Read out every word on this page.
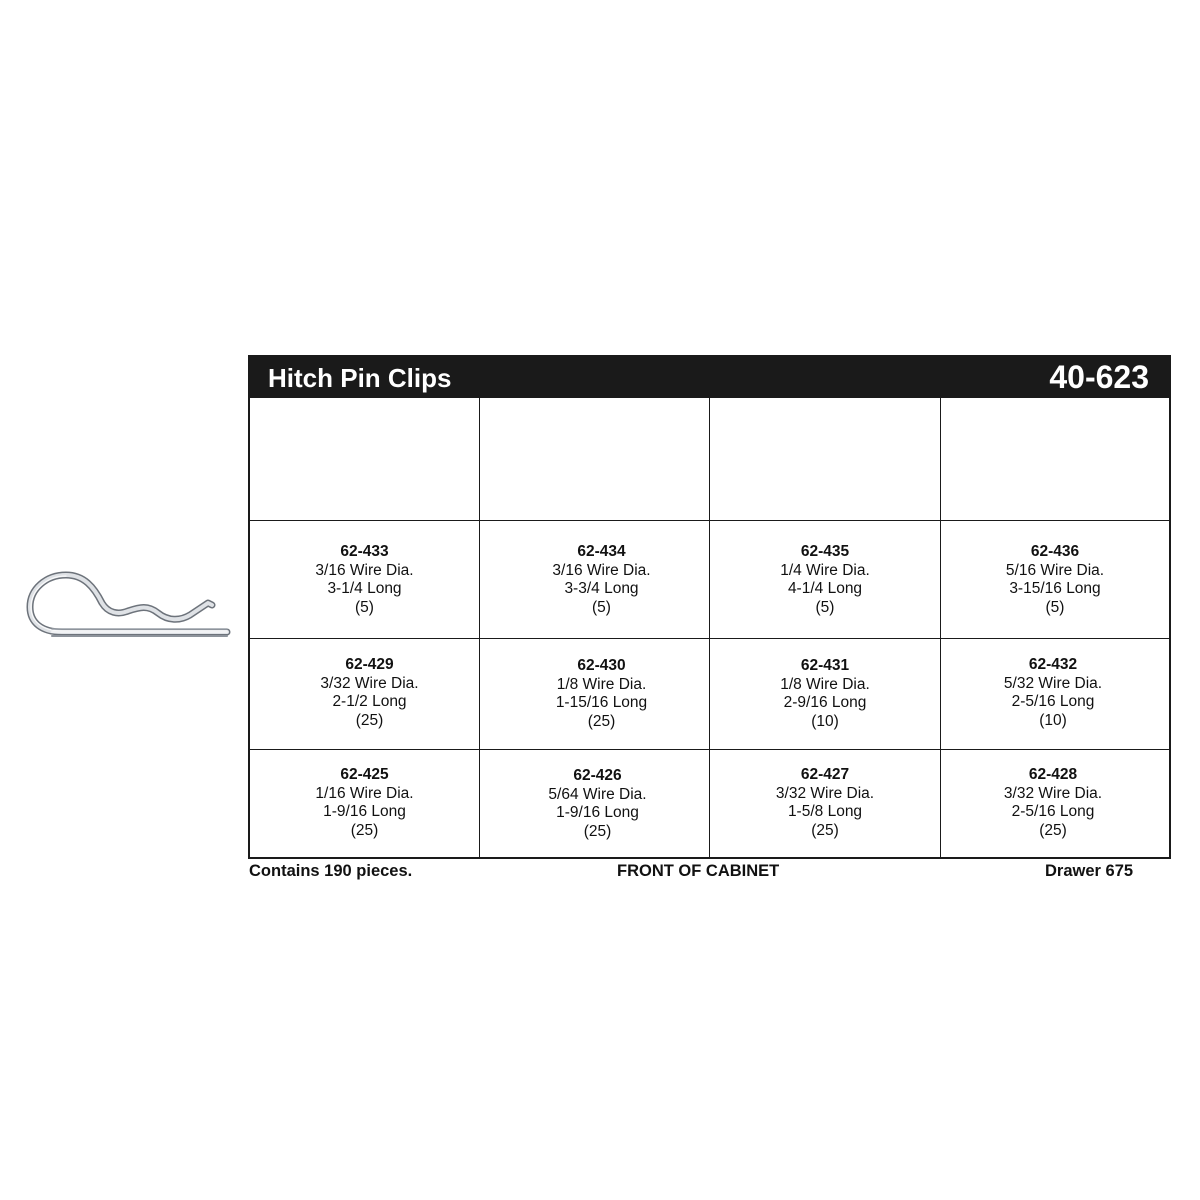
Hitch Pin Clips	40-623
62-433
3/16 Wire Dia.
3-1/4 Long
(5)
62-434
3/16 Wire Dia.
3-3/4 Long
(5)
62-435
1/4 Wire Dia.
4-1/4 Long
(5)
62-436
5/16 Wire Dia.
3-15/16 Long
(5)
62-429
3/32 Wire Dia.
2-1/2 Long
(25)
62-430
1/8 Wire Dia.
1-15/16 Long
(25)
62-431
1/8 Wire Dia.
2-9/16 Long
(10)
62-432
5/32 Wire Dia.
2-5/16 Long
(10)
62-425
1/16 Wire Dia.
1-9/16 Long
(25)
62-426
5/64 Wire Dia.
1-9/16 Long
(25)
62-427
3/32 Wire Dia.
1-5/8 Long
(25)
62-428
3/32 Wire Dia.
2-5/16 Long
(25)
Contains 190 pieces.	FRONT OF CABINET	Drawer 675
